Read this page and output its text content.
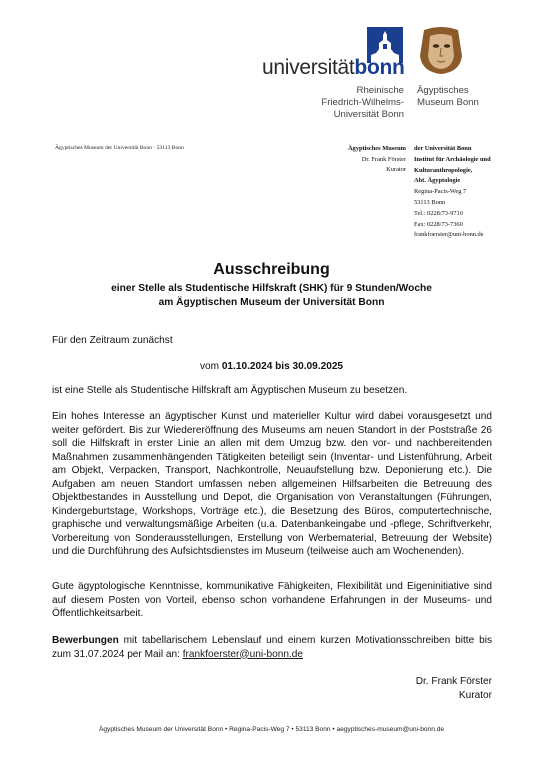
universitätbonn
Rheinische
Friedrich-Wilhelms-
Universität Bonn
Ägyptisches
Museum Bonn
Ägyptisches Museum der Universität Bonn · 53113 Bonn	Ägyptisches Museum
Dr. Frank Förster
Kurator
der Universität Bonn
Institut für Archäologie und
Kulturanthropologie,
Abt. Ägyptologie
Regina-Pacis-Weg 7
53113 Bonn
Tel.: 0228/73-9710
Fax: 0228/73-7360
frankfoerster@uni-bonn.de
Ausschreibung
einer Stelle als Studentische Hilfskraft (SHK) für 9 Stunden/Woche
am Ägyptischen Museum der Universität Bonn
Für den Zeitraum zunächst
vom 01.10.2024 bis 30.09.2025
ist eine Stelle als Studentische Hilfskraft am Ägyptischen Museum zu besetzen.
Ein hohes Interesse an ägyptischer Kunst und materieller Kultur wird dabei vorausgesetzt und weiter gefördert. Bis zur Wiedereröffnung des Museums am neuen Standort in der Poststraße 26 soll die Hilfskraft in erster Linie an allen mit dem Umzug bzw. den vor- und nachbereitenden Maßnahmen zusammenhängenden Tätigkeiten beteiligt sein (Inventar- und Listenführung, Arbeit am Objekt, Verpacken, Transport, Nachkontrolle, Neuaufstellung bzw. Deponierung etc.). Die Aufgaben am neuen Standort umfassen neben allgemeinen Hilfsarbeiten die Betreuung des Objektbestandes in Ausstellung und Depot, die Organisation von Veranstaltungen (Führungen, Kindergeburtstage, Workshops, Vorträge etc.), die Besetzung des Büros, computertechnische, graphische und verwaltungsmäßige Arbeiten (u.a. Datenbankeingabe und -pflege, Schriftverkehr, Vorbereitung von Sonderausstellungen, Erstellung von Werbematerial, Betreuung der Website) und die Durchführung des Aufsichtsdienstes im Museum (teilweise auch am Wochenenden).
Gute ägyptologische Kenntnisse, kommunikative Fähigkeiten, Flexibilität und Eigeninitiative sind auf diesem Posten von Vorteil, ebenso schon vorhandene Erfahrungen in der Museums- und Öffentlichkeitsarbeit.
Bewerbungen mit tabellarischem Lebenslauf und einem kurzen Motivationsschreiben bitte bis zum 31.07.2024 per Mail an: frankfoerster@uni-bonn.de
Dr. Frank Förster
Kurator
Ägyptisches Museum der Universität Bonn • Regina-Pacis-Weg 7 • 53113 Bonn • aegyptisches-museum@uni-bonn.de
